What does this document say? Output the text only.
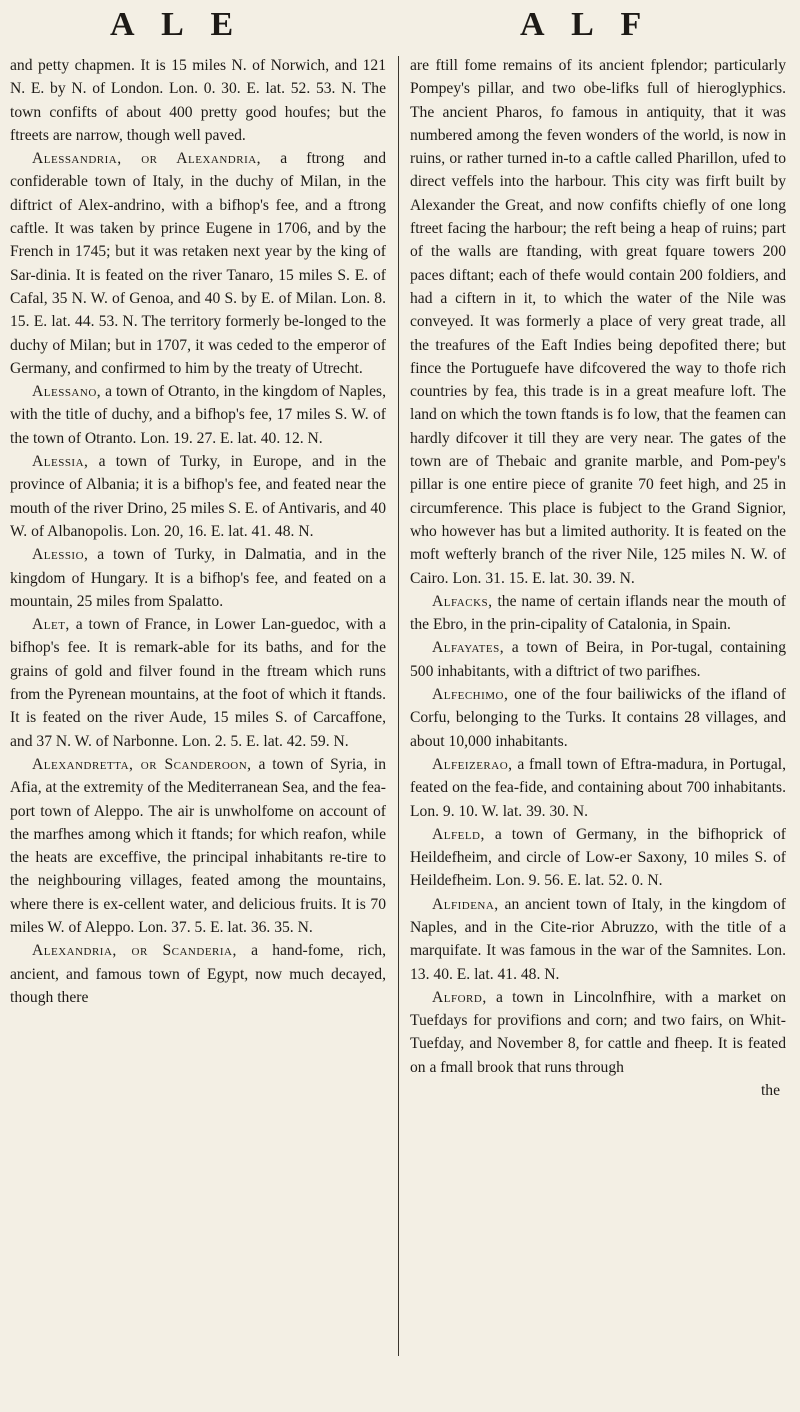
A L E	A L F

and petty chapmen. It is 15 miles N. of Norwich, and 121 N. E. by N. of London. Lon. 0. 30. E. lat. 52. 53. N. The town confifts of about 400 pretty good houfes; but the ftreets are narrow, though well paved.

Alessandria, or Alexandria, a ftrong and confiderable town of Italy, in the duchy of Milan, in the diftrict of Alex-andrino, with a bifhop's fee, and a ftrong caftle. It was taken by prince Eugene in 1706, and by the French in 1745; but it was retaken next year by the king of Sar-dinia. It is feated on the river Tanaro, 15 miles S. E. of Cafal, 35 N. W. of Genoa, and 40 S. by E. of Milan. Lon. 8. 15. E. lat. 44. 53. N. The territory formerly be-longed to the duchy of Milan; but in 1707, it was ceded to the emperor of Germany, and confirmed to him by the treaty of Utrecht.

Alessano, a town of Otranto, in the kingdom of Naples, with the title of duchy, and a bifhop's fee, 17 miles S. W. of the town of Otranto. Lon. 19. 27. E. lat. 40. 12. N.

Alessia, a town of Turky, in Europe, and in the province of Albania; it is a bifhop's fee, and feated near the mouth of the river Drino, 25 miles S. E. of Antivaris, and 40 W. of Albanopolis. Lon. 20, 16. E. lat. 41. 48. N.

Alessio, a town of Turky, in Dalmatia, and in the kingdom of Hungary. It is a bifhop's fee, and feated on a mountain, 25 miles from Spalatto.

Alet, a town of France, in Lower Lan-guedoc, with a bifhop's fee. It is remark-able for its baths, and for the grains of gold and filver found in the ftream which runs from the Pyrenean mountains, at the foot of which it ftands. It is feated on the river Aude, 15 miles S. of Carcaffone, and 37 N. W. of Narbonne. Lon. 2. 5. E. lat. 42. 59. N.

Alexandretta, or Scanderoon, a town of Syria, in Afia, at the extremity of the Mediterranean Sea, and the fea-port town of Aleppo. The air is unwholfome on account of the marfhes among which it ftands; for which reafon, while the heats are exceffive, the principal inhabitants re-tire to the neighbouring villages, feated among the mountains, where there is ex-cellent water, and delicious fruits. It is 70 miles W. of Aleppo. Lon. 37. 5. E. lat. 36. 35. N.

Alexandria, or Scanderia, a hand-fome, rich, ancient, and famous town of Egypt, now much decayed, though there

are ftill fome remains of its ancient fplendor; particularly Pompey's pillar, and two obe-lifks full of hieroglyphics. The ancient Pharos, fo famous in antiquity, that it was numbered among the feven wonders of the world, is now in ruins, or rather turned in-to a caftle called Pharillon, ufed to direct veffels into the harbour. This city was firft built by Alexander the Great, and now confifts chiefly of one long ftreet facing the harbour; the reft being a heap of ruins; part of the walls are ftanding, with great fquare towers 200 paces diftant; each of thefe would contain 200 foldiers, and had a ciftern in it, to which the water of the Nile was conveyed. It was formerly a place of very great trade, all the treafures of the Eaft Indies being depofited there; but fince the Portuguefe have difcovered the way to thofe rich countries by fea, this trade is in a great meafure loft. The land on which the town ftands is fo low, that the feamen can hardly difcover it till they are very near. The gates of the town are of Thebaic and granite marble, and Pom-pey's pillar is one entire piece of granite 70 feet high, and 25 in circumference. This place is fubject to the Grand Signior, who however has but a limited authority. It is feated on the moft wefterly branch of the river Nile, 125 miles N. W. of Cairo. Lon. 31. 15. E. lat. 30. 39. N.

Alfacks, the name of certain iflands near the mouth of the Ebro, in the prin-cipality of Catalonia, in Spain.

Alfayates, a town of Beira, in Por-tugal, containing 500 inhabitants, with a diftrict of two parifhes.

Alfechimo, one of the four bailiwicks of the ifland of Corfu, belonging to the Turks. It contains 28 villages, and about 10,000 inhabitants.

Alfeizerao, a fmall town of Eftra-madura, in Portugal, feated on the fea-fide, and containing about 700 inhabitants. Lon. 9. 10. W. lat. 39. 30. N.

Alfeld, a town of Germany, in the bifhoprick of Heildefheim, and circle of Low-er Saxony, 10 miles S. of Heildefheim. Lon. 9. 56. E. lat. 52. 0. N.

Alfidena, an ancient town of Italy, in the kingdom of Naples, and in the Cite-rior Abruzzo, with the title of a marquifate. It was famous in the war of the Samnites. Lon. 13. 40. E. lat. 41. 48. N.

Alford, a town in Lincolnfhire, with a market on Tuefdays for provifions and corn; and two fairs, on Whit-Tuefday, and November 8, for cattle and fheep. It is feated on a fmall brook that runs through

the
